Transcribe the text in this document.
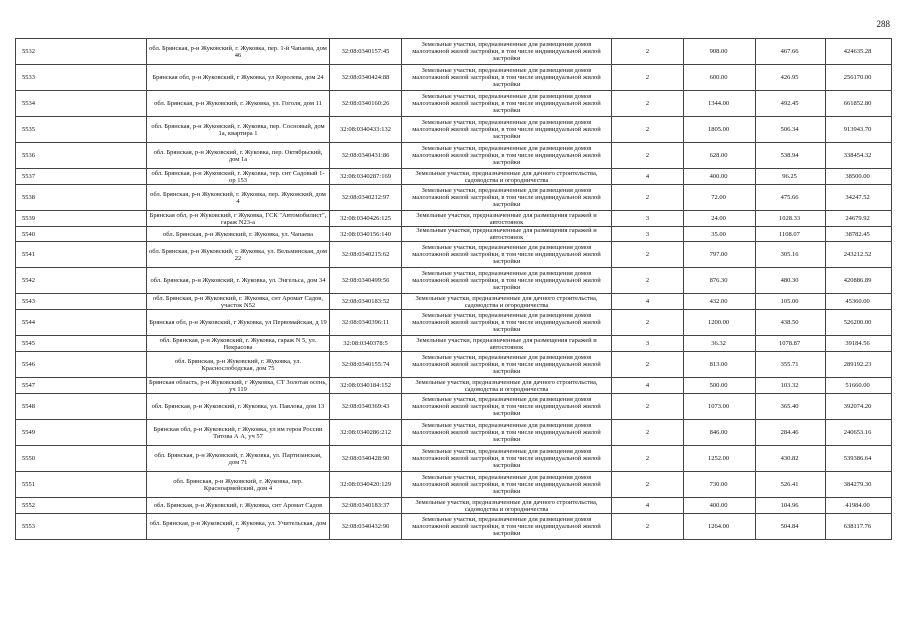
288
5532	обл. Брянская, р-н Жуковский, г. Жуковка, пер. 1-й Чапаева, дом 46	32:08:0340157:45	Земельные участки, предназначенные для размещения домов малоэтажной жилой застройки, в том числе индивидуальной жилой застройки	2	908.00	467.66	424635.28
5533	Брянская обл, р-н Жуковский, г Жуковка, ул Королева, дом 24	32:08:0340424:88	Земельные участки, предназначенные для размещения домов малоэтажной жилой застройки, в том числе индивидуальной жилой застройки	2	600.00	426.95	256170.00
5534	обл. Брянская, р-н Жуковский, г. Жуковка, ул. Гоголя, дом 11	32:08:0340160:26	Земельные участки, предназначенные для размещения домов малоэтажной жилой застройки, в том числе индивидуальной жилой застройки	2	1344.00	492.45	661852.80
5535	обл. Брянская, р-н Жуковский, г. Жуковка, пер. Сосновый, дом 1а, квартира 1	32:08:0340433:132	Земельные участки, предназначенные для размещения домов малоэтажной жилой застройки, в том числе индивидуальной жилой застройки	2	1805.00	506.34	913943.70
5536	обл. Брянская, р-н Жуковский, г. Жуковка, пер. Октябрьский, дом 1а	32:08:0340431:86	Земельные участки, предназначенные для размещения домов малоэтажной жилой застройки, в том числе индивидуальной жилой застройки	2	628.00	538.94	338454.32
5537	обл. Брянская, р-н Жуковский, г. Жуковка, тер. снт Садовый 1-ор 153	32:08:0340287:169	Земельные участки, предназначенные для дачного строительства, садоводства и огородничества	4	400.00	96.25	38500.00
5538	обл. Брянская, р-н Жуковский, г. Жуковка, пер. Жуковский, дом 4	32:08:0340212:97	Земельные участки, предназначенные для размещения домов малоэтажной жилой застройки, в том числе индивидуальной жилой застройки	2	72.00	475.66	34247.52
5539	Брянская обл, р-н Жуковский, г Жуковка, ГСК "Автомобилист", гараж N23-а	32:08:0340426:125	Земельные участки, предназначенные для размещения гаражей и автостоянок	3	24.00	1028.33	24679.92
5540	обл. Брянская, р-н Жуковский, г. Жуковка, ул. Чапаева	32:08:0340156:140	Земельные участки, предназначенные для размещения гаражей и автостоянок	3	35.00	1108.07	38782.45
5541	обл. Брянская, р-н Жуковский, г. Жуковка, ул. Вельминская, дом 22	32:08:0340215:62	Земельные участки, предназначенные для размещения домов малоэтажной жилой застройки, в том числе индивидуальной жилой застройки	2	797.00	305.16	243212.52
5542	обл. Брянская, р-н Жуковский, г. Жуковка, ул. Энгельса, дом 34	32:08:0340499:56	Земельные участки, предназначенные для размещения домов малоэтажной жилой застройки, в том числе индивидуальной жилой застройки	2	876.30	480.30	420886.89
5543	обл. Брянская, р-н Жуковский, г. Жуковка, снт Аромат Садов, участок N52	32:08:0340183:52	Земельные участки, предназначенные для дачного строительства, садоводства и огородничества	4	432.00	105.00	45360.00
5544	Брянская обл, р-н Жуковский, г Жуковка, ул Первомайская, д 19	32:08:0340396:11	Земельные участки, предназначенные для размещения домов малоэтажной жилой застройки, в том числе индивидуальной жилой застройки	2	1200.00	438.50	526200.00
5545	обл. Брянская, р-н Жуковский, г. Жуковка, гараж N 5, ул. Некрасова	32:08:0340378:5	Земельные участки, предназначенные для размещения гаражей и автостоянок	3	36.32	1078.87	39184.56
5546	обл. Брянская, р-н Жуковский, г. Жуковка, ул. Краснослободская, дом 75	32:08:0340155:74	Земельные участки, предназначенные для размещения домов малоэтажной жилой застройки, в том числе индивидуальной жилой застройки	2	813.00	355.71	289192.23
5547	Брянская область, р-н Жуковский, г Жуковка, СТ Золотая осень, уч 119	32:08:0340184:152	Земельные участки, предназначенные для дачного строительства, садоводства и огородничества	4	500.00	103.32	51660.00
5548	обл. Брянская, р-н Жуковский, г. Жуковка, ул. Павлова, дом 13	32:08:0340369:43	Земельные участки, предназначенные для размещения домов малоэтажной жилой застройки, в том числе индивидуальной жилой застройки	2	1073.00	365.40	392074.20
5549	Брянская обл, р-н Жуковский, г Жуковка, ул им героя России Титова А А, уч 57	32:08:0340286:212	Земельные участки, предназначенные для размещения домов малоэтажной жилой застройки, в том числе индивидуальной жилой застройки	2	846.00	284.46	240653.16
5550	обл. Брянская, р-н Жуковский, г. Жуковка, ул. Партизанская, дом 71	32:08:0340428:90	Земельные участки, предназначенные для размещения домов малоэтажной жилой застройки, в том числе индивидуальной жилой застройки	2	1252.00	430.82	539386.64
5551	обл. Брянская, р-н Жуковский, г. Жуковка, пер. Красноармейский, дом 4	32:08:0340420:129	Земельные участки, предназначенные для размещения домов малоэтажной жилой застройки, в том числе индивидуальной жилой застройки	2	730.00	526.41	384279.30
5552	обл. Брянская, р-н Жуковский, г. Жуковка, снт Аромат Садов	32:08:0340183:37	Земельные участки, предназначенные для дачного строительства, садоводства и огородничества	4	400.00	104.96	41984.00
5553	обл. Брянская, р-н Жуковский, г. Жуковка, ул. Учительская, дом 7	32:08:0340432:90	Земельные участки, предназначенные для размещения домов малоэтажной жилой застройки, в том числе индивидуальной жилой застройки	2	1264.00	504.84	638117.76
